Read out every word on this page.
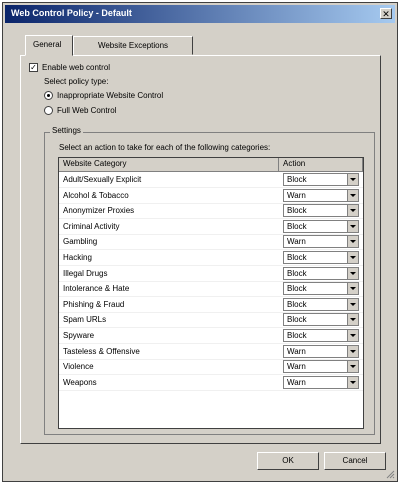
Web Control Policy - Default	✕
General	Website Exceptions
✓ Enable web control
Select policy type:
Inappropriate Website Control
Full Web Control
Settings
Select an action to take for each of the following categories:
Website Category	Action
Adult/Sexually Explicit	Block
Alcohol & Tobacco	Warn
Anonymizer Proxies	Block
Criminal Activity	Block
Gambling	Warn
Hacking	Block
Illegal Drugs	Block
Intolerance & Hate	Block
Phishing & Fraud	Block
Spam URLs	Block
Spyware	Block
Tasteless & Offensive	Warn
Violence	Warn
Weapons	Warn
OK	Cancel
